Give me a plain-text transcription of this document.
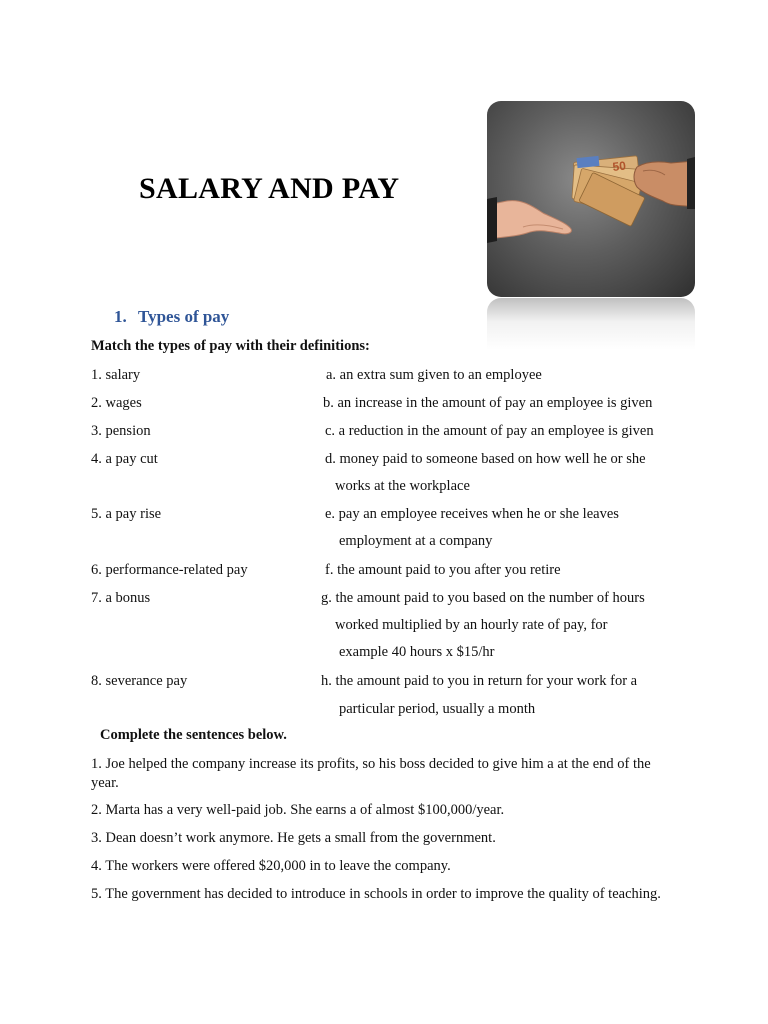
SALARY AND PAY
50
1. Types of pay
Match the types of pay with their definitions:
1. salary
2. wages
3. pension
4. a pay cut
5. a pay rise
6. performance-related pay
7. a bonus
8. severance pay
a. an extra sum given to an employee
b. an increase in the amount of pay an employee is given
c. a reduction in the amount of pay an employee is given
d. money paid to someone based on how well he or she
works at the workplace
e. pay an employee receives when he or she leaves
employment at a company
f. the amount paid to you after you retire
g. the amount paid to you based on the number of hours
worked multiplied by an hourly rate of pay, for
example 40 hours x $15/hr
h. the amount paid to you in return for your work for a
particular period, usually a month
Complete the sentences below.
1. Joe helped the company increase its profits, so his boss decided to give him a at the end of the year.
2. Marta has a very well-paid job. She earns a of almost $100,000/year.
3. Dean doesn’t work anymore. He gets a small from the government.
4. The workers were offered $20,000 in to leave the company.
5. The government has decided to introduce in schools in order to improve the quality of teaching.
